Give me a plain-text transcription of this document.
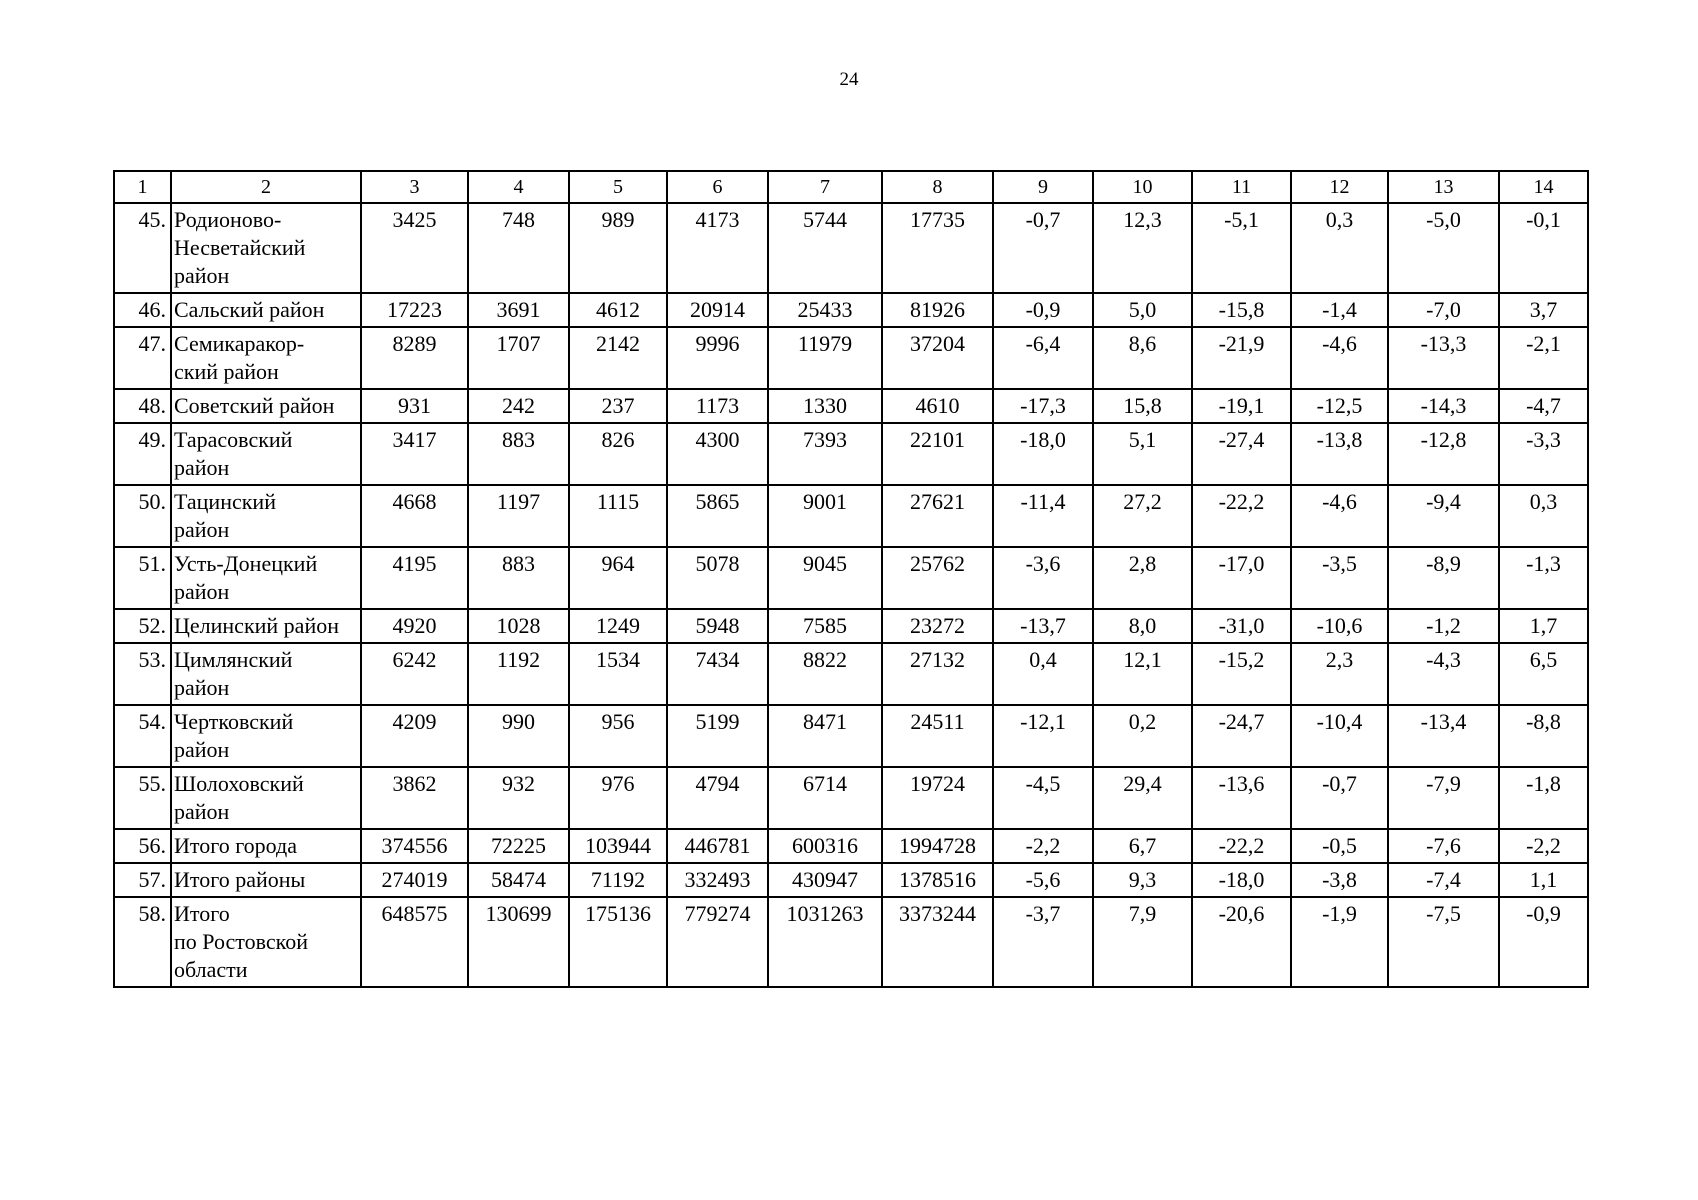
24
1	2	3	4	5	6	7	8	9	10	11	12	13	14
45.	Родионово-
Несветайский
район	3425	748	989	4173	5744	17735	-0,7	12,3	-5,1	0,3	-5,0	-0,1
46.	Сальский район	17223	3691	4612	20914	25433	81926	-0,9	5,0	-15,8	-1,4	-7,0	3,7
47.	Семикаракор-
ский район	8289	1707	2142	9996	11979	37204	-6,4	8,6	-21,9	-4,6	-13,3	-2,1
48.	Советский район	931	242	237	1173	1330	4610	-17,3	15,8	-19,1	-12,5	-14,3	-4,7
49.	Тарасовский
район	3417	883	826	4300	7393	22101	-18,0	5,1	-27,4	-13,8	-12,8	-3,3
50.	Тацинский
район	4668	1197	1115	5865	9001	27621	-11,4	27,2	-22,2	-4,6	-9,4	0,3
51.	Усть-Донецкий
район	4195	883	964	5078	9045	25762	-3,6	2,8	-17,0	-3,5	-8,9	-1,3
52.	Целинский район	4920	1028	1249	5948	7585	23272	-13,7	8,0	-31,0	-10,6	-1,2	1,7
53.	Цимлянский
район	6242	1192	1534	7434	8822	27132	0,4	12,1	-15,2	2,3	-4,3	6,5
54.	Чертковский
район	4209	990	956	5199	8471	24511	-12,1	0,2	-24,7	-10,4	-13,4	-8,8
55.	Шолоховский
район	3862	932	976	4794	6714	19724	-4,5	29,4	-13,6	-0,7	-7,9	-1,8
56.	Итого города	374556	72225	103944	446781	600316	1994728	-2,2	6,7	-22,2	-0,5	-7,6	-2,2
57.	Итого районы	274019	58474	71192	332493	430947	1378516	-5,6	9,3	-18,0	-3,8	-7,4	1,1
58.	Итого
по Ростовской
области	648575	130699	175136	779274	1031263	3373244	-3,7	7,9	-20,6	-1,9	-7,5	-0,9
